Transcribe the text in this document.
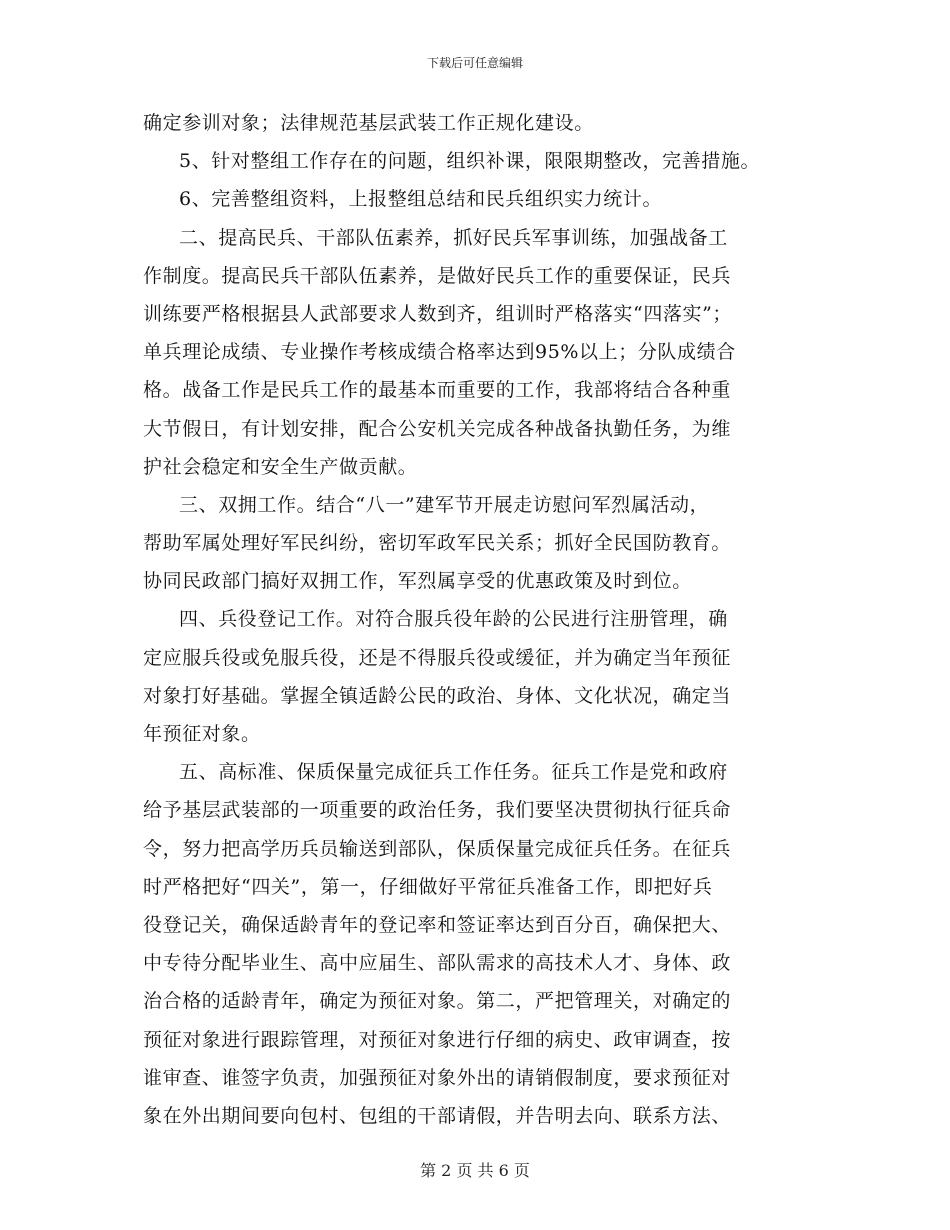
下载后可任意编辑
确定参训对象；法律规范基层武装工作正规化建设。
5、针对整组工作存在的问题，组织补课，限限期整改，完善措施。
6、完善整组资料，上报整组总结和民兵组织实力统计。
二、提高民兵、干部队伍素养，抓好民兵军事训练，加强战备工
作制度。提高民兵干部队伍素养，是做好民兵工作的重要保证，民兵
训练要严格根据县人武部要求人数到齐，组训时严格落实“四落实”；
单兵理论成绩、专业操作考核成绩合格率达到95%以上；分队成绩合
格。战备工作是民兵工作的最基本而重要的工作，我部将结合各种重
大节假日，有计划安排，配合公安机关完成各种战备执勤任务，为维
护社会稳定和安全生产做贡献。
三、双拥工作。结合“八一”建军节开展走访慰问军烈属活动，
帮助军属处理好军民纠纷，密切军政军民关系；抓好全民国防教育。
协同民政部门搞好双拥工作，军烈属享受的优惠政策及时到位。
四、兵役登记工作。对符合服兵役年龄的公民进行注册管理，确
定应服兵役或免服兵役，还是不得服兵役或缓征，并为确定当年预征
对象打好基础。掌握全镇适龄公民的政治、身体、文化状况，确定当
年预征对象。
五、高标准、保质保量完成征兵工作任务。征兵工作是党和政府
给予基层武装部的一项重要的政治任务，我们要坚决贯彻执行征兵命
令，努力把高学历兵员输送到部队，保质保量完成征兵任务。在征兵
时严格把好“四关”，第一，仔细做好平常征兵准备工作，即把好兵
役登记关，确保适龄青年的登记率和签证率达到百分百，确保把大、
中专待分配毕业生、高中应届生、部队需求的高技术人才、身体、政
治合格的适龄青年，确定为预征对象。第二，严把管理关，对确定的
预征对象进行跟踪管理，对预征对象进行仔细的病史、政审调查，按
谁审查、谁签字负责，加强预征对象外出的请销假制度，要求预征对
象在外出期间要向包村、包组的干部请假，并告明去向、联系方法、
第 2 页 共 6 页
